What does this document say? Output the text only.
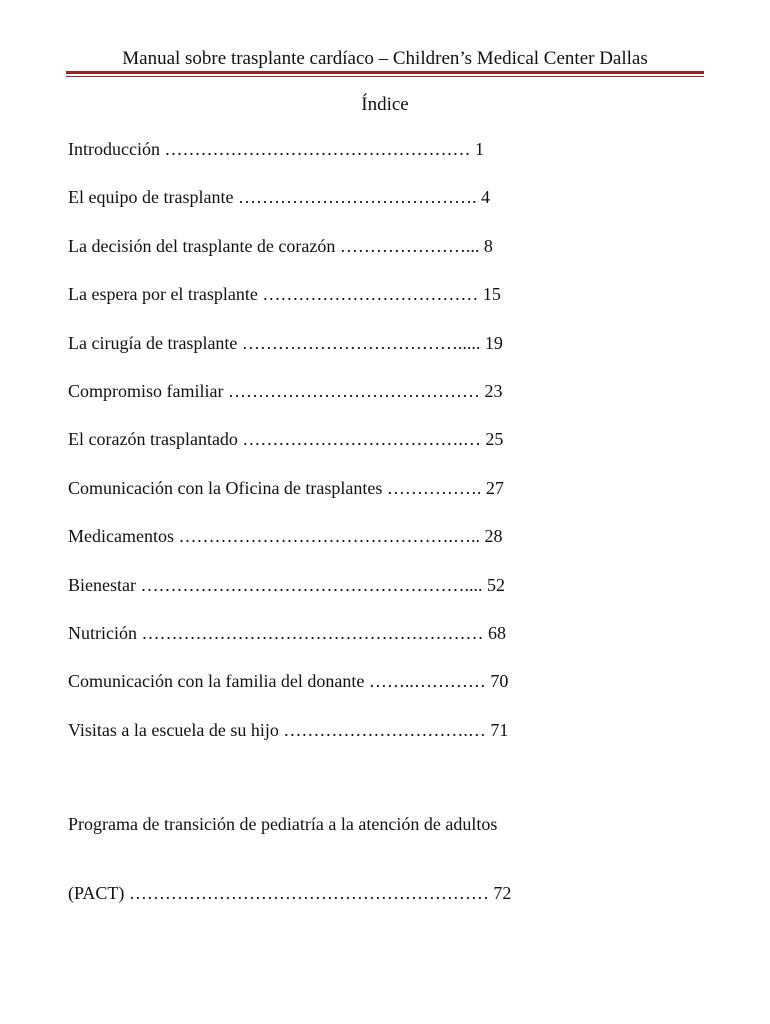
Manual sobre trasplante cardíaco – Children’s Medical Center Dallas
Índice
Introducción …………………………………………… 1
El equipo de trasplante …………………………………. 4
La decisión del trasplante de corazón …………………... 8
La espera por el trasplante ……………………………… 15
La cirugía de trasplante ………………………………..... 19
Compromiso familiar …………………………………… 23
El corazón trasplantado ……………………………….… 25
Comunicación con la Oficina de trasplantes ……………. 27
Medicamentos ……………………………………….….. 28
Bienestar ……………………………………………….... 52
Nutrición ………………………………………………… 68
Comunicación con la familia del donante ……..………… 70
Visitas a la escuela de su hijo ………………………….… 71

Programa de transición de pediatría a la atención de adultos

(PACT) …………………………………………………… 72
